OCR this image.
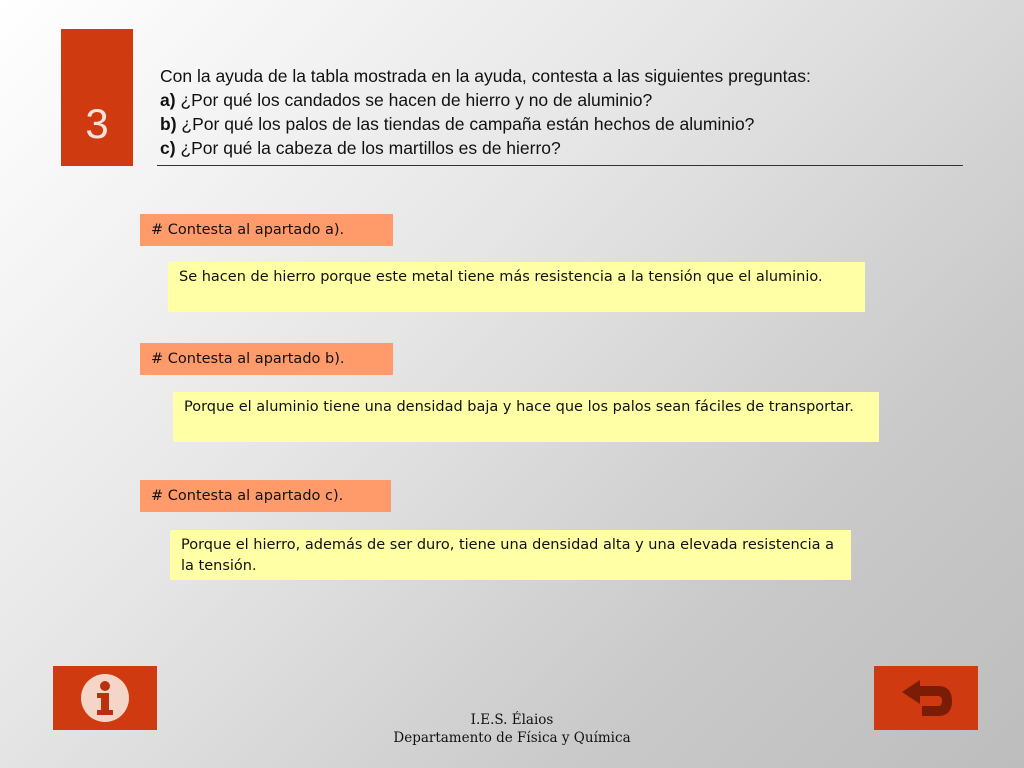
3
Con la ayuda de la tabla mostrada en la ayuda, contesta a las siguientes preguntas:
a) ¿Por qué los candados se hacen de hierro y no de aluminio?
b) ¿Por qué los palos de las tiendas de campaña están hechos de aluminio?
c) ¿Por qué la cabeza de los martillos es de hierro?
# Contesta al apartado a).
Se hacen de hierro porque este metal tiene más resistencia a la tensión que el aluminio.
# Contesta al apartado b).
Porque el aluminio tiene una densidad baja y hace que los palos sean fáciles de transportar.
# Contesta al apartado c).
Porque el hierro, además de ser duro, tiene una densidad alta y una elevada resistencia a la tensión.
I.E.S. Élaios
Departamento de Física y Química
